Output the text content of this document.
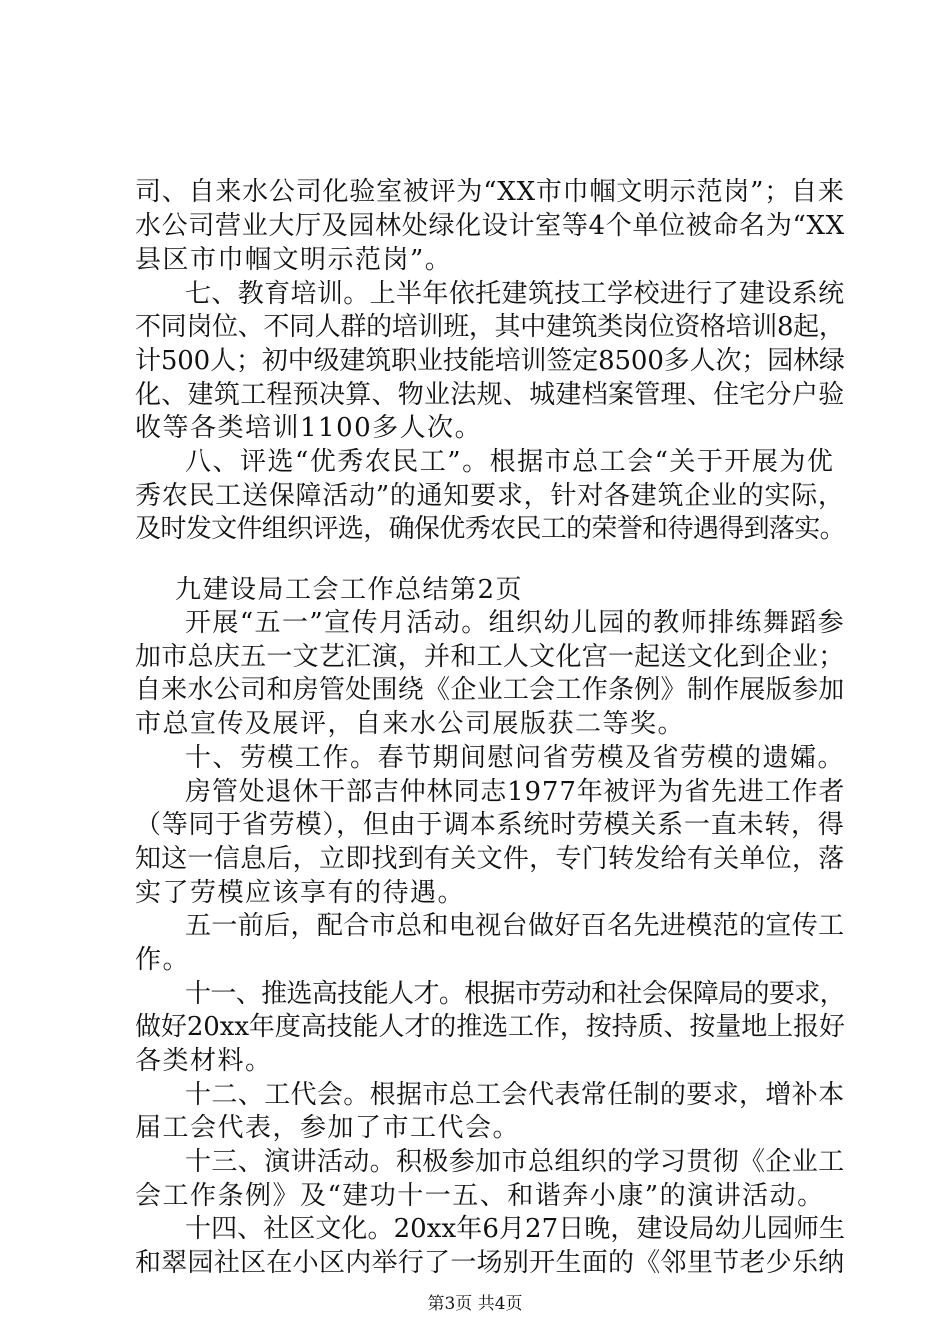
司、自来水公司化验室被评为“XX市巾帼文明示范岗”；自来
水公司营业大厅及园林处绿化设计室等4个单位被命名为“XX
县区市巾帼文明示范岗”。
七、教育培训。上半年依托建筑技工学校进行了建设系统
不同岗位、不同人群的培训班，其中建筑类岗位资格培训8起，
计500人；初中级建筑职业技能培训签定8500多人次；园林绿
化、建筑工程预决算、物业法规、城建档案管理、住宅分户验
收等各类培训1100多人次。
八、评选“优秀农民工”。根据市总工会“关于开展为优
秀农民工送保障活动”的通知要求，针对各建筑企业的实际，
及时发文件组织评选，确保优秀农民工的荣誉和待遇得到落实。
九建设局工会工作总结第2页
开展“五一”宣传月活动。组织幼儿园的教师排练舞蹈参
加市总庆五一文艺汇演，并和工人文化宫一起送文化到企业；
自来水公司和房管处围绕《企业工会工作条例》制作展版参加
市总宣传及展评，自来水公司展版获二等奖。
十、劳模工作。春节期间慰问省劳模及省劳模的遗孀。
房管处退休干部吉仲林同志1977年被评为省先进工作者
（等同于省劳模），但由于调本系统时劳模关系一直未转，得
知这一信息后，立即找到有关文件，专门转发给有关单位，落
实了劳模应该享有的待遇。
五一前后，配合市总和电视台做好百名先进模范的宣传工
作。
十一、推选高技能人才。根据市劳动和社会保障局的要求，
做好20xx年度高技能人才的推选工作，按持质、按量地上报好
各类材料。
十二、工代会。根据市总工会代表常任制的要求，增补本
届工会代表，参加了市工代会。
十三、演讲活动。积极参加市总组织的学习贯彻《企业工
会工作条例》及“建功十一五、和谐奔小康”的演讲活动。
十四、社区文化。20xx年6月27日晚，建设局幼儿园师生
和翠园社区在小区内举行了一场别开生面的《邻里节老少乐纳
第3页 共4页
